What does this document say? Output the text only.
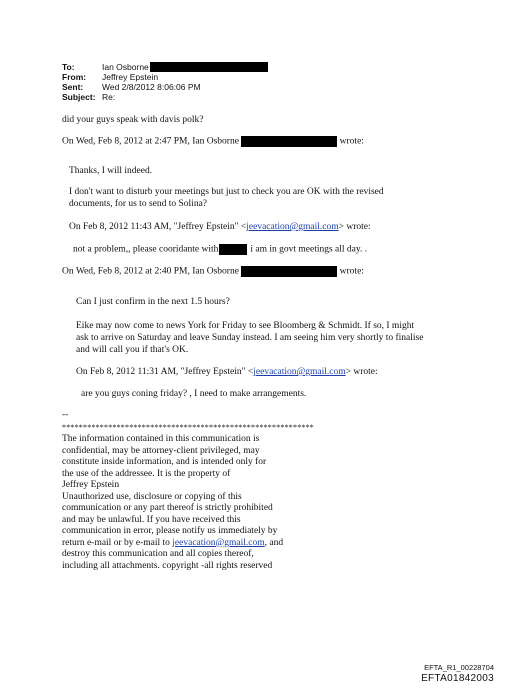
To:	Ian Osborne
From: Jeffrey Epstein
Sent: Wed 2/8/2012 8:06:06 PM
Subject: Re:
did your guys speak with davis polk?
On Wed, Feb 8, 2012 at 2:47 PM, Ian Osborne	wrote:
Thanks, I will indeed.
I don't want to disturb your meetings but just to check you are OK with the revised
documents, for us to send to Solina?
On Feb 8, 2012 11:43 AM, "Jeffrey Epstein" <jeevacation@gmail.com> wrote:
not a problem,, please cooridante with	i am in govt meetings all day. .
On Wed, Feb 8, 2012 at 2:40 PM, Ian Osborne	wrote:
Can I just confirm in the next 1.5 hours?
Eike may now come to news York for Friday to see Bloomberg & Schmidt. If so, I might
ask to arrive on Saturday and leave Sunday instead. I am seeing him very shortly to finalise
and will call you if that's OK.
On Feb 8, 2012 11:31 AM, "Jeffrey Epstein" <jeevacation@gmail.com> wrote:
are you guys coning friday? , I need to make arrangements.
--
************************************************************
The information contained in this communication is
confidential, may be attorney-client privileged, may
constitute inside information, and is intended only for
the use of the addressee. It is the property of
Jeffrey Epstein
Unauthorized use, disclosure or copying of this
communication or any part thereof is strictly prohibited
and may be unlawful. If you have received this
communication in error, please notify us immediately by
return e-mail or by e-mail to jeevacation@gmail.com, and
destroy this communication and all copies thereof,
including all attachments. copyright -all rights reserved
EFTA_R1_00228704
EFTA01842003
